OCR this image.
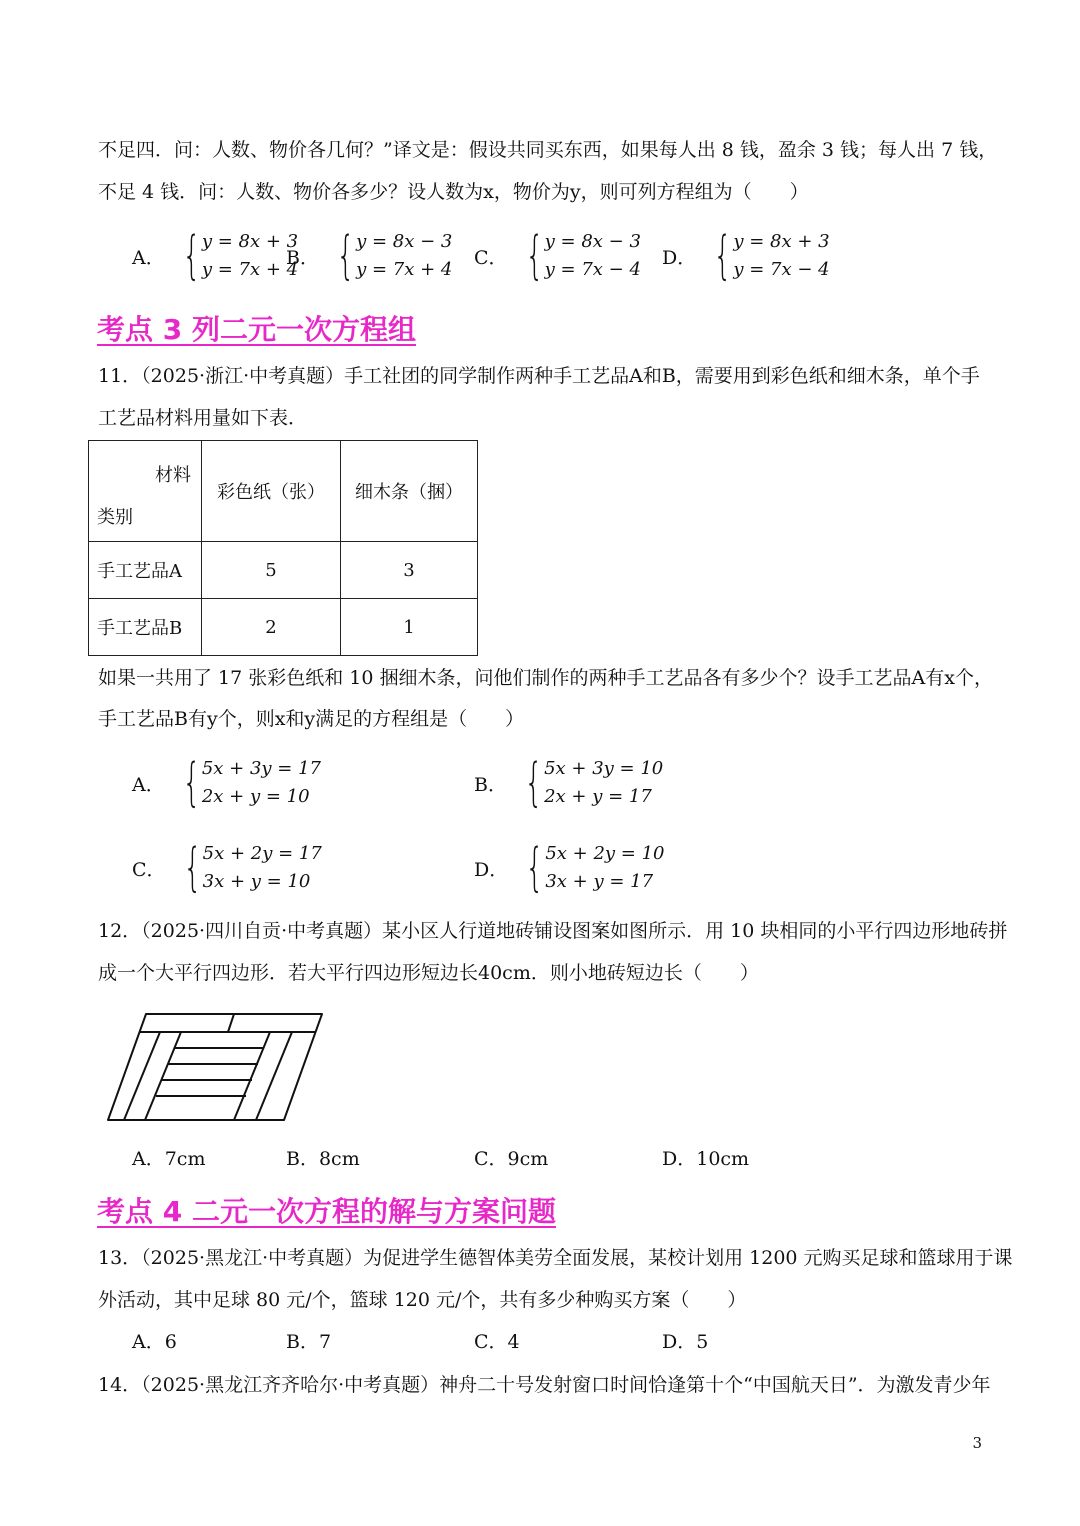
不足四．问：人数、物价各几何？”译文是：假设共同买东西，如果每人出 8 钱，盈余 3 钱；每人出 7 钱，
不足 4 钱．问：人数、物价各多少？设人数为x，物价为y，则可列方程组为（　　）
A． { y = 8x + 3
y = 7x + 4
B． { y = 8x − 3
y = 7x + 4
C． { y = 8x − 3
y = 7x − 4
D． { y = 8x + 3
y = 7x − 4
考点 3 列二元一次方程组
11．（2025·浙江·中考真题）手工社团的同学制作两种手工艺品A和B，需要用到彩色纸和细木条，单个手
工艺品材料用量如下表．
材料
类别	彩色纸（张）	细木条（捆）
手工艺品A	5	3
手工艺品B	2	1
如果一共用了 17 张彩色纸和 10 捆细木条，问他们制作的两种手工艺品各有多少个？设手工艺品A有x个，
手工艺品B有y个，则x和y满足的方程组是（　　）
A． { 5x + 3y = 17
2x + y = 10
B． { 5x + 3y = 10
2x + y = 17
C． { 5x + 2y = 17
3x + y = 10
D． { 5x + 2y = 10
3x + y = 17
12．（2025·四川自贡·中考真题）某小区人行道地砖铺设图案如图所示．用 10 块相同的小平行四边形地砖拼
成一个大平行四边形．若大平行四边形短边长40cm．则小地砖短边长（　　）
A．7cm	B．8cm	C．9cm	D．10cm
考点 4 二元一次方程的解与方案问题
13．（2025·黑龙江·中考真题）为促进学生德智体美劳全面发展，某校计划用 1200 元购买足球和篮球用于课
外活动，其中足球 80 元/个，篮球 120 元/个，共有多少种购买方案（　　）
A．6	B．7	C．4	D．5
14．（2025·黑龙江齐齐哈尔·中考真题）神舟二十号发射窗口时间恰逢第十个“中国航天日”．为激发青少年
3
